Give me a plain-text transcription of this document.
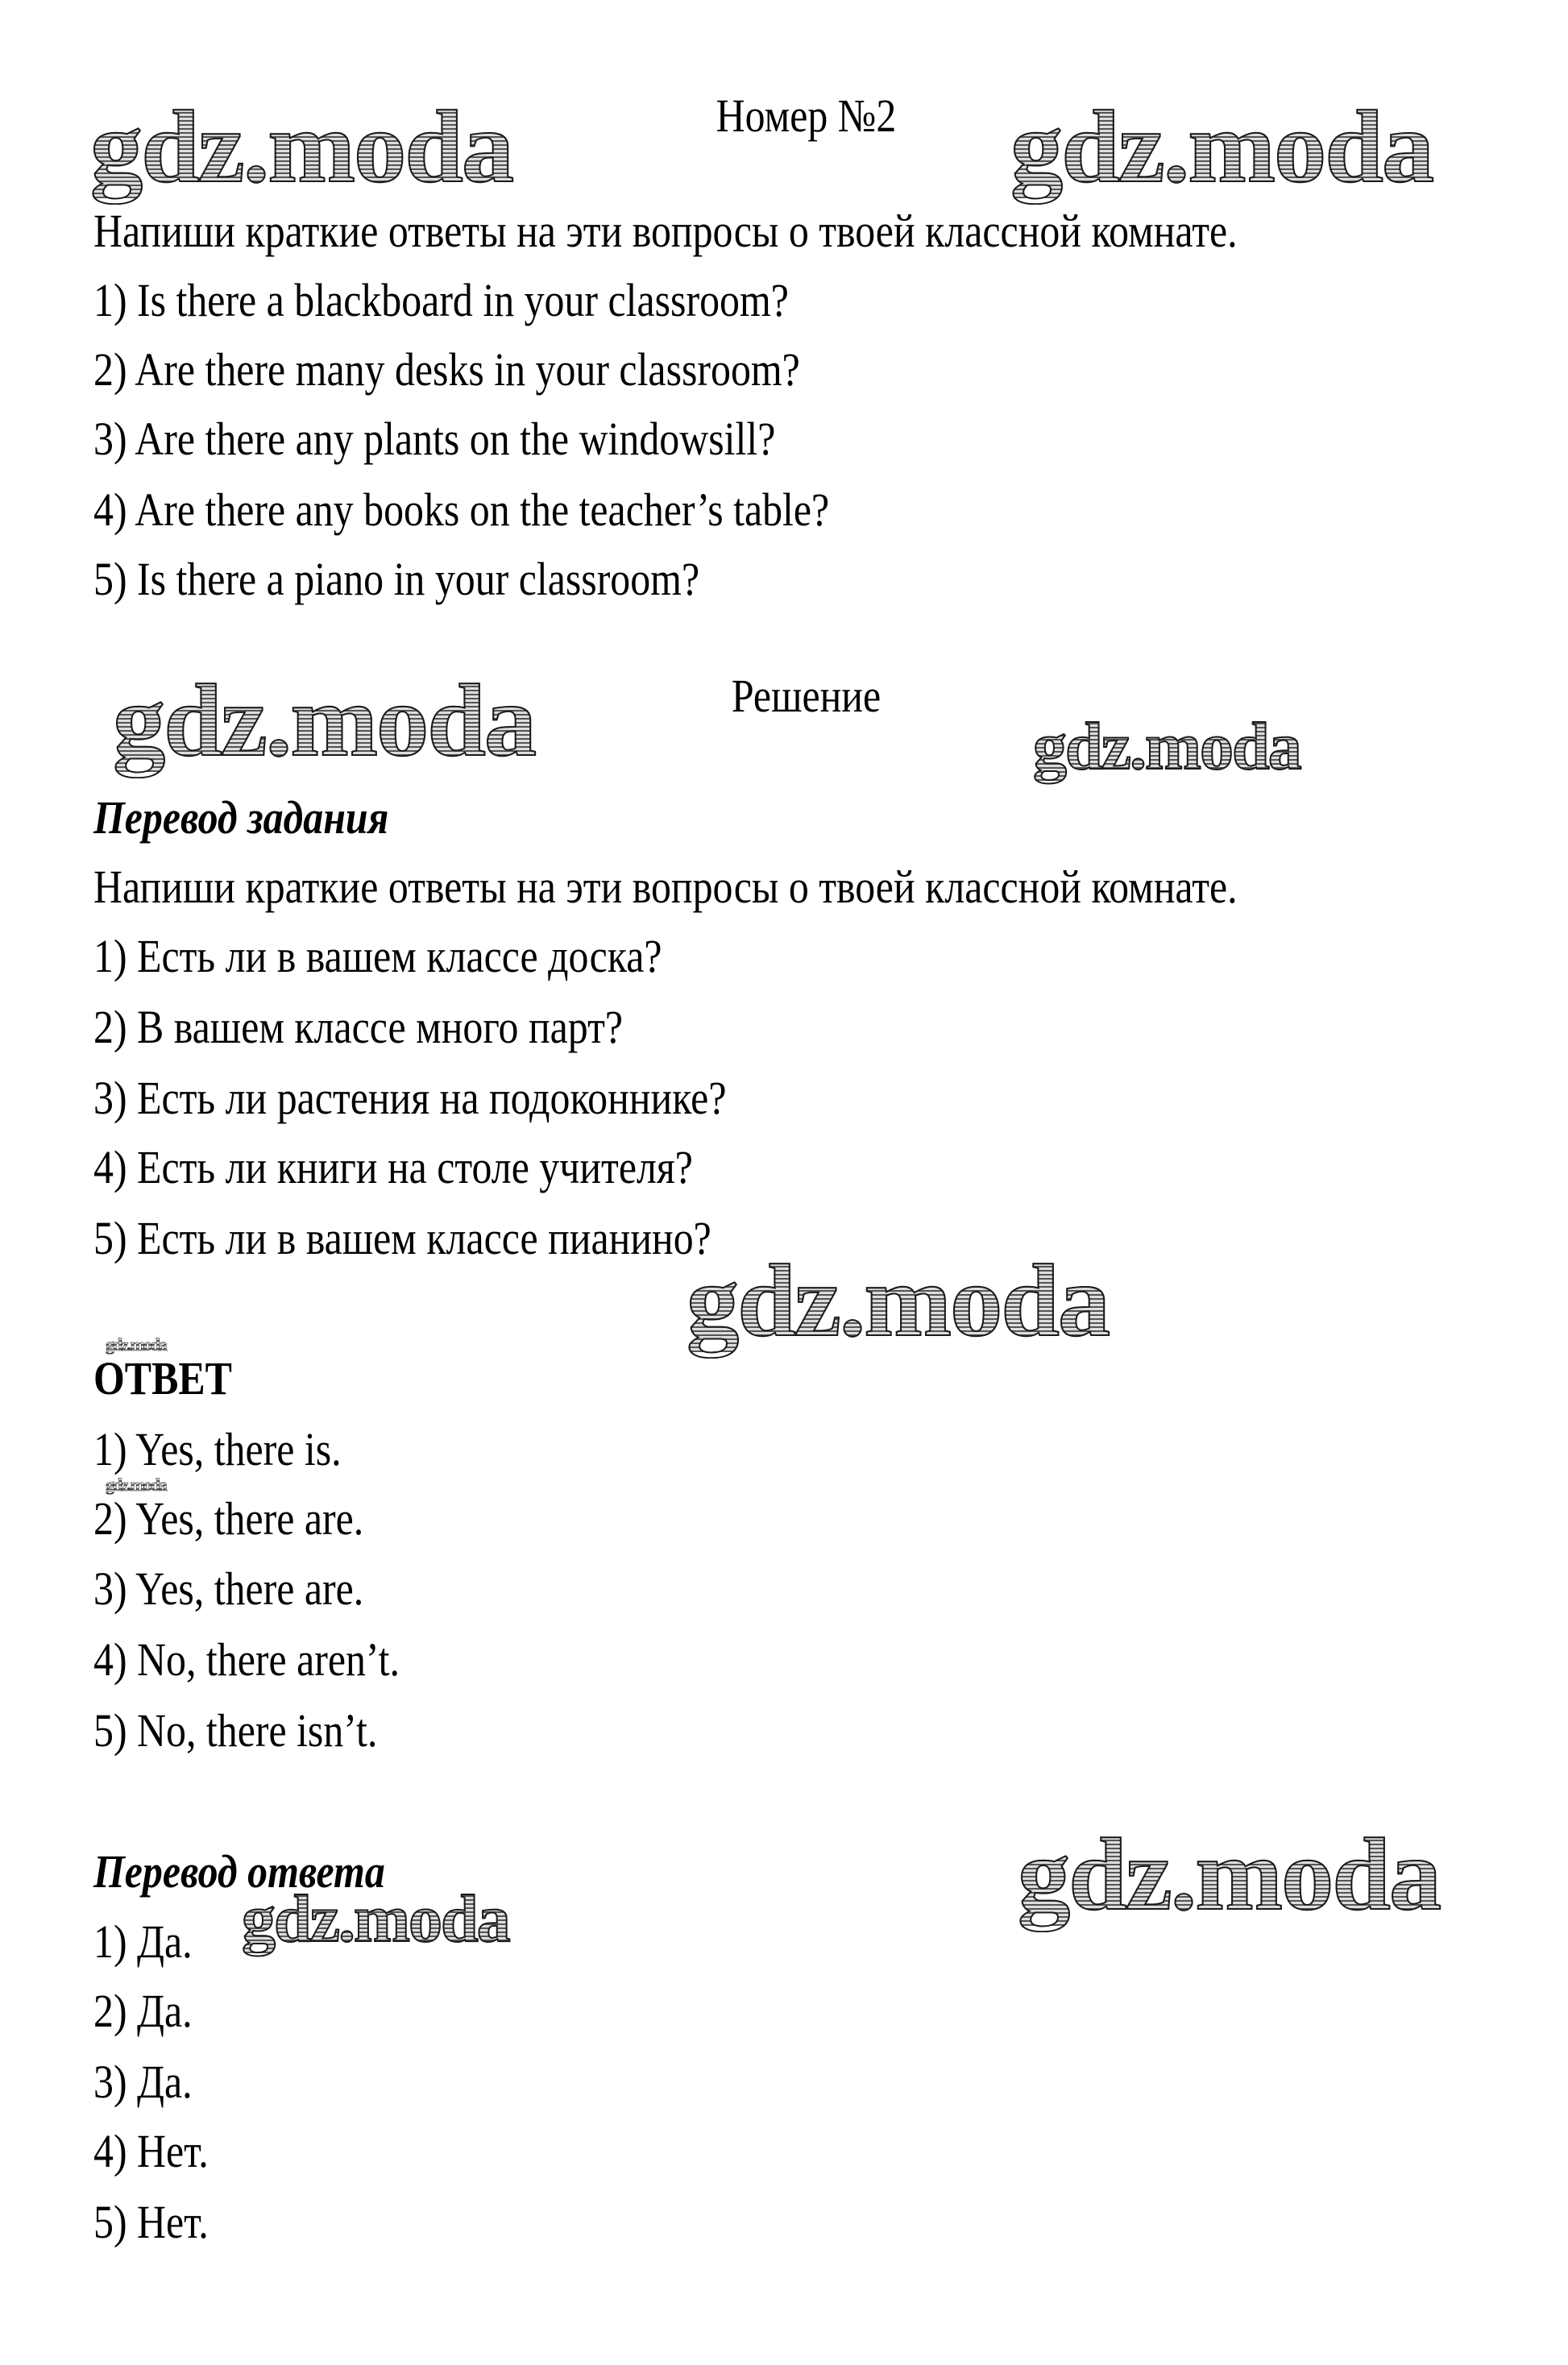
gdz.moda	gdz.moda
gdz.moda	gdz.moda
gdz.moda
gdz.moda
gdz.moda
gdz.moda
gdz.moda
Номер №2
Напиши краткие ответы на эти вопросы о твоей классной комнате.
1) Is there a blackboard in your classroom?
2) Are there many desks in your classroom?
3) Are there any plants on the windowsill?
4) Are there any books on the teacher’s table?
5) Is there a piano in your classroom?
Решение
Перевод задания
Напиши краткие ответы на эти вопросы о твоей классной комнате.
1) Есть ли в вашем классе доска?
2) В вашем классе много парт?
3) Есть ли растения на подоконнике?
4) Есть ли книги на столе учителя?
5) Есть ли в вашем классе пианино?
ОТВЕТ
1) Yes, there is.
2) Yes, there are.
3) Yes, there are.
4) No, there aren’t.
5) No, there isn’t.
Перевод ответа
1) Да.
2) Да.
3) Да.
4) Нет.
5) Нет.
